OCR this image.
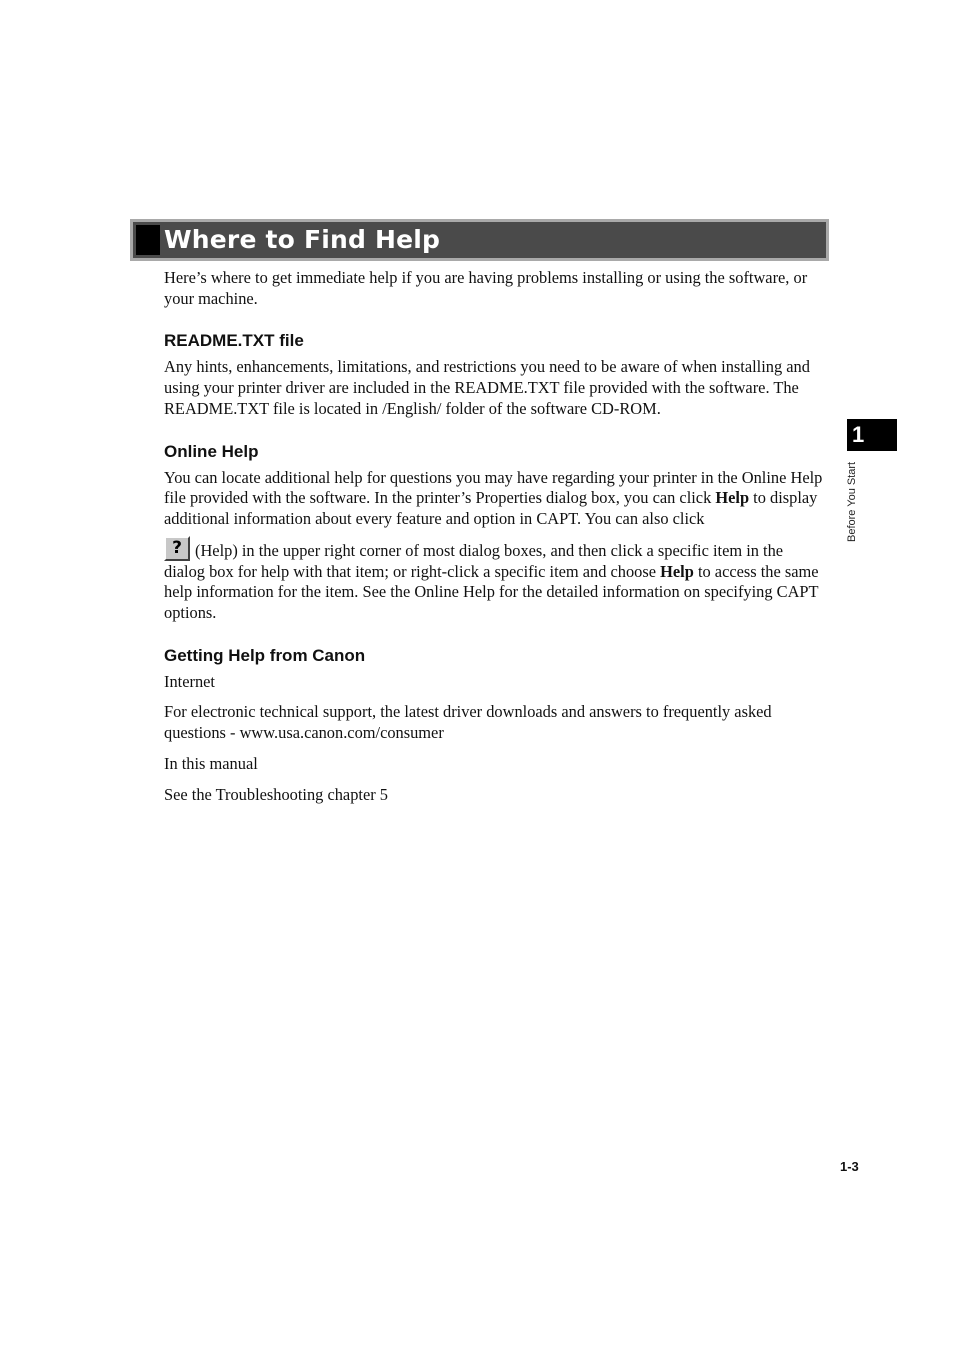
Where to Find Help

Here’s where to get immediate help if you are having problems installing or using the software, or your machine.

README.TXT file

Any hints, enhancements, limitations, and restrictions you need to be aware of when installing and using your printer driver are included in the README.TXT file provided with the software. The README.TXT file is located in /English/ folder of the software CD-ROM.

Online Help

You can locate additional help for questions you may have regarding your printer in the Online Help file provided with the software. In the printer’s Properties dialog box, you can click Help to display additional information about every feature and option in CAPT. You can also click

? (Help) in the upper right corner of most dialog boxes, and then click a specific item in the

dialog box for help with that item; or right-click a specific item and choose Help to access the same help information for the item. See the Online Help for the detailed information on specifying CAPT options.

Getting Help from Canon

Internet

For electronic technical support, the latest driver downloads and answers to frequently asked questions - www.usa.canon.com/consumer

In this manual

See the Troubleshooting chapter 5

1
Before You Start
1-3
